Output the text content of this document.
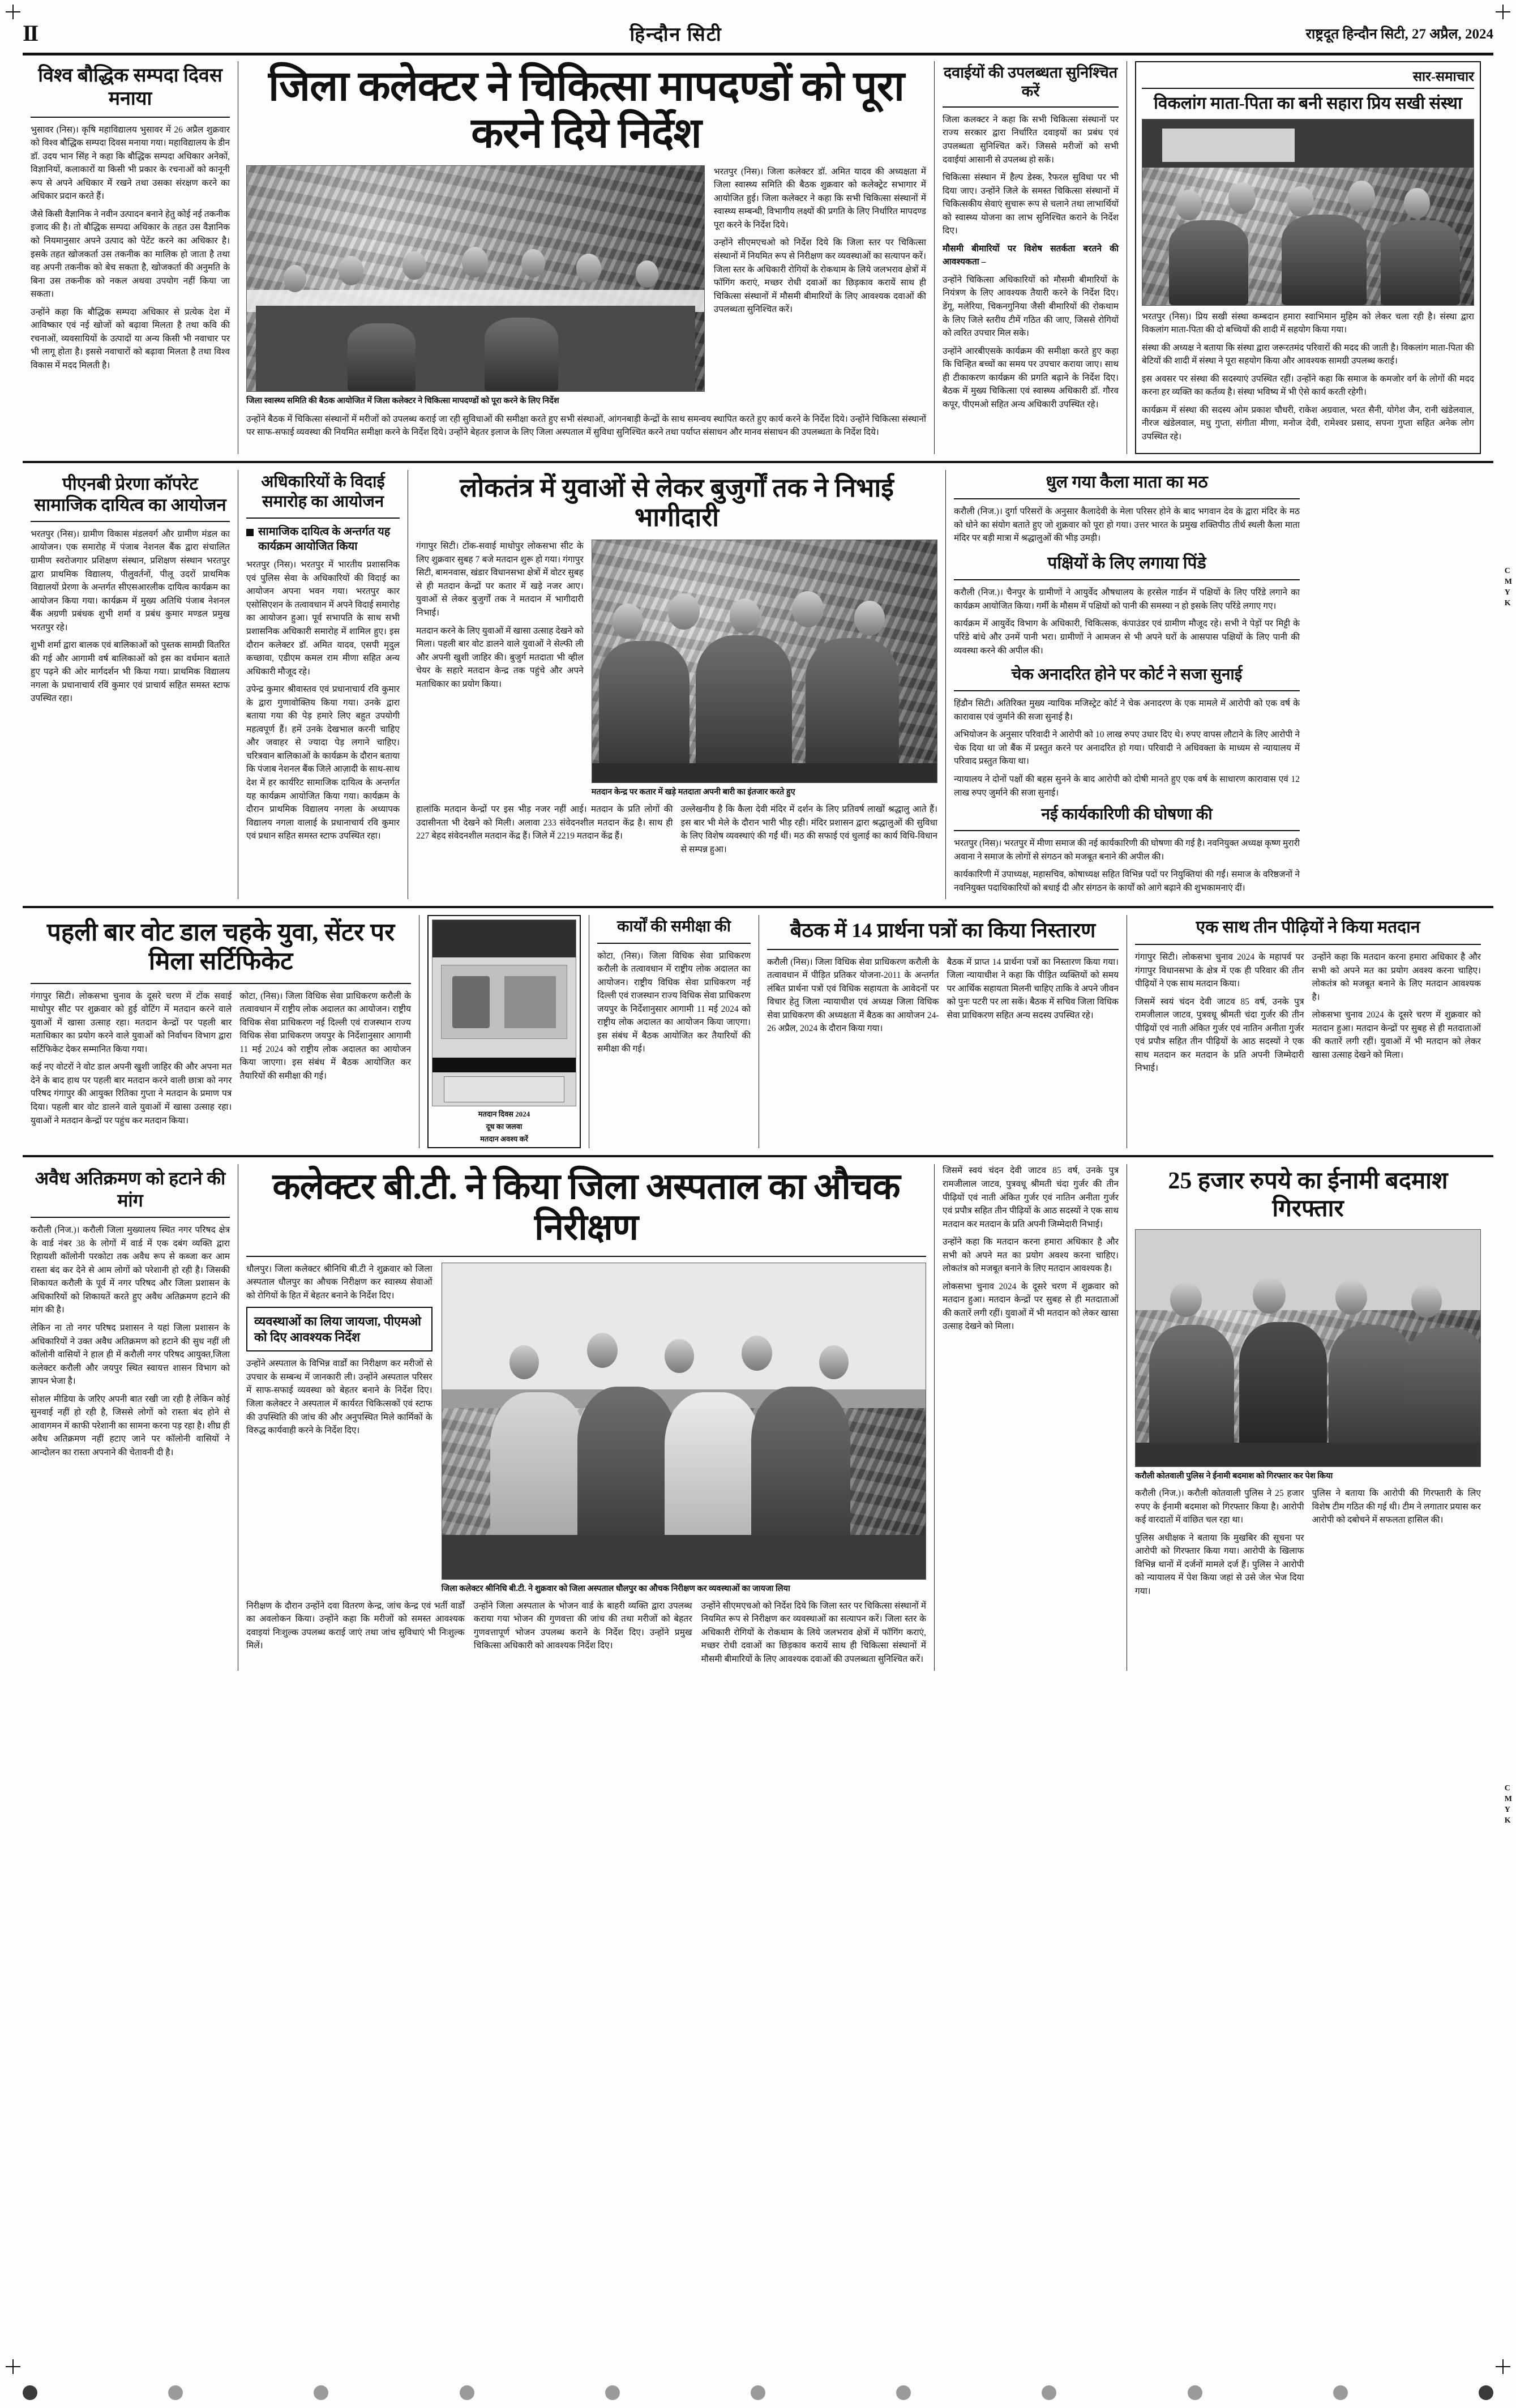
C
M
Y
K
C
M
Y
K
II	हिन्दौन सिटी	राष्ट्रदूत हिन्दौन सिटी, 27 अप्रैल, 2024
विश्व बौद्धिक सम्पदा दिवस मनाया

भुसावर (निस)। कृषि महाविद्यालय भुसावर में 26 अप्रैल शुक्रवार को विश्व बौद्धिक सम्पदा दिवस मनाया गया। महाविद्यालय के डीन डॉ. उदय भान सिंह ने कहा कि बौद्धिक सम्पदा अधिकार अनेकों, विज्ञानियों, कलाकारों या किसी भी प्रकार के रचनाओं को कानूनी रूप से अपने अधिकार में रखने तथा उसका संरक्षण करने का अधिकार प्रदान करते हैं।

जैसे किसी वैज्ञानिक ने नवीन उत्पादन बनाने हेतु कोई नई तकनीक इजाद की है। तो बौद्धिक सम्पदा अधिकार के तहत उस वैज्ञानिक को नियमानुसार अपने उत्पाद को पेटेंट करने का अधिकार है। इसके तहत खोजकर्ता उस तकनीक का मालिक हो जाता है तथा वह अपनी तकनीक को बेच सकता है, खोजकर्ता की अनुमति के बिना उस तकनीक को नकल अथवा उपयोग नहीं किया जा सकता।

उन्होंने कहा कि बौद्धिक सम्पदा अधिकार से प्रत्येक देश में आविष्कार एवं नई खोजों को बढ़ावा मिलता है तथा कवि की रचनाओं, व्यवसायियों के उत्पादों या अन्य किसी भी नवाचार पर भी लागू होता है। इससे नवाचारों को बढ़ावा मिलता है तथा विश्व विकास में मदद मिलती है।

जिला कलेक्टर ने चिकित्सा मापदण्डों को पूरा करने दिये निर्देश
जिला स्वास्थ्य समिति की बैठक आयोजित में जिला कलेक्टर ने चिकित्सा मापदण्डों को पूरा करने के लिए निर्देश

भरतपुर (निस)। जिला कलेक्टर डॉ. अमित यादव की अध्यक्षता में जिला स्वास्थ्य समिति की बैठक शुक्रवार को कलेक्ट्रेट सभागार में आयोजित हुई। जिला कलेक्टर ने कहा कि सभी चिकित्सा संस्थानों में स्वास्थ्य सम्बन्धी, विभागीय लक्ष्यों की प्रगति के लिए निर्धारित मापदण्ड पूरा करने के निर्देश दिये।

उन्होंने सीएमएचओ को निर्देश दिये कि जिला स्तर पर चिकित्सा संस्थानों में नियमित रूप से निरीक्षण कर व्यवस्थाओं का सत्यापन करें। जिला स्तर के अधिकारी रोगियों के रोकथाम के लिये जलभराव क्षेत्रों में फॉगिंग कराएं, मच्छर रोधी दवाओं का छिड़काव करायें साथ ही चिकित्सा संस्थानों में मौसमी बीमारियों के लिए आवश्यक दवाओं की उपलब्धता सुनिश्चित करें।

उन्होंने बैठक में चिकित्सा संस्थानों में मरीजों को उपलब्ध कराई जा रही सुविधाओं की समीक्षा करते हुए सभी संस्थाओं, आंगनबाड़ी केन्द्रों के साथ समन्वय स्थापित करते हुए कार्य करने के निर्देश दिये। उन्होंने चिकित्सा संस्थानों पर साफ-सफाई व्यवस्था की नियमित समीक्षा करने के निर्देश दिये। उन्होंने बेहतर इलाज के लिए जिला अस्पताल में सुविधा सुनिश्चित करने तथा पर्याप्त संसाधन और मानव संसाधन की उपलब्धता के निर्देश दिये।

दवाईयों की उपलब्धता सुनिश्चित करें

जिला कलक्टर ने कहा कि सभी चिकित्सा संस्थानों पर राज्य सरकार द्वारा निर्धारित दवाइयों का प्रबंध एवं उपलब्धता सुनिश्चित करें। जिससे मरीजों को सभी दवाईयां आसानी से उपलब्ध हो सकें।

चिकित्सा संस्थान में हैल्प डेस्क, रैफरल सुविधा पर भी दिया जाए। उन्होंने जिले के समस्त चिकित्सा संस्थानों में चिकित्सकीय सेवाएं सुचारू रूप से चलाने तथा लाभार्थियों को स्वास्थ्य योजना का लाभ सुनिश्चित कराने के निर्देश दिए।

मौसमी बीमारियों पर विशेष सतर्कता बरतने की आवश्यकता –

उन्होंने चिकित्सा अधिकारियों को मौसमी बीमारियों के नियंत्रण के लिए आवश्यक तैयारी करने के निर्देश दिए। डेंगू, मलेरिया, चिकनगुनिया जैसी बीमारियों की रोकथाम के लिए जिले स्तरीय टीमें गठित की जाए, जिससे रोगियों को त्वरित उपचार मिल सके।

उन्होंने आरबीएसके कार्यक्रम की समीक्षा करते हुए कहा कि चिन्हित बच्चों का समय पर उपचार कराया जाए। साथ ही टीकाकरण कार्यक्रम की प्रगति बढ़ाने के निर्देश दिए। बैठक में मुख्य चिकित्सा एवं स्वास्थ्य अधिकारी डॉ. गौरव कपूर, पीएमओ सहित अन्य अधिकारी उपस्थित रहे।

सार-समाचार
विकलांग माता-पिता का बनी सहारा प्रिय सखी संस्था

भरतपुर (निस)। प्रिय सखी संस्था कम्बदान हमारा स्वाभिमान मुहिम को लेकर चला रही है। संस्था द्वारा विकलांग माता-पिता की दो बच्चियों की शादी में सहयोग किया गया।

संस्था की अध्यक्ष ने बताया कि संस्था द्वारा जरूरतमंद परिवारों की मदद की जाती है। विकलांग माता-पिता की बेटियों की शादी में संस्था ने पूरा सहयोग किया और आवश्यक सामग्री उपलब्ध कराई।

इस अवसर पर संस्था की सदस्याएं उपस्थित रहीं। उन्होंने कहा कि समाज के कमजोर वर्ग के लोगों की मदद करना हर व्यक्ति का कर्तव्य है। संस्था भविष्य में भी ऐसे कार्य करती रहेगी।

कार्यक्रम में संस्था की सदस्य ओम प्रकाश चौधरी, राकेश अग्रवाल, भरत सैनी, योगेश जैन, रानी खंडेलवाल, नीरज खंडेलवाल, मधु गुप्ता, संगीता मीणा, मनोज देवी, रामेश्वर प्रसाद, सपना गुप्ता सहित अनेक लोग उपस्थित रहे।

पीएनबी प्रेरणा कॉपरेट सामाजिक दायित्व का आयोजन

भरतपुर (निस)। ग्रामीण विकास मंडलवर्ग और ग्रामीण मंडल का आयोजन। एक समारोह में पंजाब नेशनल बैंक द्वारा संचालित ग्रामीण स्वरोजगार प्रशिक्षण संस्थान, प्रशिक्षण संस्थान भरतपुर द्वारा प्राथमिक विद्यालय, पीलुवर्तनों, पीलू उदरों प्राथमिक विद्यालयों प्रेरणा के अन्तर्गत सीएसआरलीक दायित्व कार्यक्रम का आयोजन किया गया। कार्यक्रम में मुख्य अतिथि पंजाब नेशनल बैंक अग्रणी प्रबंधक शुभी शर्मा व प्रबंध कुमार मण्डल प्रमुख भरतपुर रहे।

शुभी शर्मा द्वारा बालक एवं बालिकाओं को पुस्तक सामग्री वितरित की गई और आगामी वर्ष बालिकाओं को इस का वर्धमान बताते हुए पढ़ने की ओर मार्गदर्शन भी किया गया। प्राथमिक विद्यालय नगला के प्रधानाचार्य रविं कुमार एवं प्राचार्य सहित समस्त स्टाफ उपस्थित रहा।

अधिकारियों के विदाई समारोह का आयोजन
सामाजिक दायित्व के अन्तर्गत यह कार्यक्रम आयोजित किया

भरतपुर (निस)। भरतपुर में भारतीय प्रशासनिक एवं पुलिस सेवा के अधिकारियों की विदाई का आयोजन अपना भवन गया। भरतपुर कार एसोसिएशन के तत्वावधान में अपने विदाई समारोह का आयोजन हुआ। पूर्व सभापति के साथ सभी प्रशासनिक अधिकारी समारोह में शामिल हुए। इस दौरान कलेक्टर डॉ. अमित यादव, एसपी मृदुल कच्छावा, एडीएम कमल राम मीणा सहित अन्य अधिकारी मौजूद रहे।

उपेन्द्र कुमार श्रीवास्तव एवं प्रधानाचार्य रवि कुमार के द्वारा गुणावोक्तिय किया गया। उनके द्वारा बताया गया की पेड़ हमारे लिए बहुत उपयोगी महत्वपूर्ण हैं। हमें उनके देखभाल करनी चाहिए और जवाहर से ज्यादा पेड़ लगाने चाहिए। चरित्रवान बालिकाओं के कार्यक्रम के दौरान बताया कि पंजाब नेशनल बैंक जिले आज़ादी के साथ-साथ देश में हर कार्यरिट सामाजिक दायित्व के अन्तर्गत यह कार्यक्रम आयोजित किया गया। कार्यक्रम के दौरान प्राथमिक विद्यालय नगला के अध्यापक विद्यालय नगला वालाई के प्रधानाचार्य रवि कुमार एवं प्रधान सहित समस्त स्टाफ उपस्थित रहा।

लोकतंत्र में युवाओं से लेकर बुजुर्गों तक ने निभाई भागीदारी

गंगापुर सिटी। टोंक-सवाई माधोपुर लोकसभा सीट के लिए शुक्रवार सुबह 7 बजे मतदान शुरू हो गया। गंगापुर सिटी, बामनवास, खंडार विधानसभा क्षेत्रों में वोटर सुबह से ही मतदान केन्द्रों पर कतार में खड़े नजर आए। युवाओं से लेकर बुजुर्गों तक ने मतदान में भागीदारी निभाई।

मतदान करने के लिए युवाओं में खासा उत्साह देखने को मिला। पहली बार वोट डालने वाले युवाओं ने सेल्फी ली और अपनी खुशी जाहिर की। बुजुर्ग मतदाता भी व्हील चेयर के सहारे मतदान केन्द्र तक पहुंचे और अपने मताधिकार का प्रयोग किया।

मतदान केन्द्र पर कतार में खड़े मतदाता अपनी बारी का इंतजार करते हुए

हालांकि मतदान केन्द्रों पर इस भीड़ नजर नहीं आई। मतदान के प्रति लोगों की उदासीनता भी देखने को मिली। अलावा 233 संवेदनशील मतदान केंद्र है। साथ ही 227 बेहद संवेदनशील मतदान केंद्र हैं। जिले में 2219 मतदान केंद्र हैं।

उल्लेखनीय है कि कैला देवी मंदिर में दर्शन के लिए प्रतिवर्ष लाखों श्रद्धालु आते हैं। इस बार भी मेले के दौरान भारी भीड़ रही। मंदिर प्रशासन द्वारा श्रद्धालुओं की सुविधा के लिए विशेष व्यवस्थाएं की गईं थीं। मठ की सफाई एवं धुलाई का कार्य विधि-विधान से सम्पन्न हुआ।

धुल गया कैला माता का मठ

करौली (निज.)। दुर्गा परिसरों के अनुसार कैलादेवी के मेला परिसर होने के बाद भगवान देव के द्वारा मंदिर के मठ को धोने का संयोग बताते हुए जो शुक्रवार को पूरा हो गया। उत्तर भारत के प्रमुख शक्तिपीठ तीर्थ स्थली कैला माता मंदिर पर बड़ी मात्रा में श्रद्धालुओं की भीड़ उमड़ी।

पक्षियों के लिए लगाया पिंडे

करौली (निज.)। चैनपुर के ग्रामीणों ने आयुर्वेद औषधालय के हरसेल गार्डन में पक्षियों के लिए परिंडे लगाने का कार्यक्रम आयोजित किया। गर्मी के मौसम में पक्षियों को पानी की समस्या न हो इसके लिए परिंडे लगाए गए।

कार्यक्रम में आयुर्वेद विभाग के अधिकारी, चिकित्सक, कंपाउंडर एवं ग्रामीण मौजूद रहे। सभी ने पेड़ों पर मिट्टी के परिंडे बांधे और उनमें पानी भरा। ग्रामीणों ने आमजन से भी अपने घरों के आसपास पक्षियों के लिए पानी की व्यवस्था करने की अपील की।

चेक अनादरित होने पर कोर्ट ने सजा सुनाई

हिंडौन सिटी। अतिरिक्त मुख्य न्यायिक मजिस्ट्रेट कोर्ट ने चेक अनादरण के एक मामले में आरोपी को एक वर्ष के कारावास एवं जुर्माने की सजा सुनाई है।

अभियोजन के अनुसार परिवादी ने आरोपी को 10 लाख रुपए उधार दिए थे। रुपए वापस लौटाने के लिए आरोपी ने चेक दिया था जो बैंक में प्रस्तुत करने पर अनादरित हो गया। परिवादी ने अधिवक्ता के माध्यम से न्यायालय में परिवाद प्रस्तुत किया था।

न्यायालय ने दोनों पक्षों की बहस सुनने के बाद आरोपी को दोषी मानते हुए एक वर्ष के साधारण कारावास एवं 12 लाख रुपए जुर्माने की सजा सुनाई।

नई कार्यकारिणी की घोषणा की

भरतपुर (निस)। भरतपुर में मीणा समाज की नई कार्यकारिणी की घोषणा की गई है। नवनियुक्त अध्यक्ष कृष्ण मुरारी अवाना ने समाज के लोगों से संगठन को मजबूत बनाने की अपील की।

कार्यकारिणी में उपाध्यक्ष, महासचिव, कोषाध्यक्ष सहित विभिन्न पदों पर नियुक्तियां की गईं। समाज के वरिष्ठजनों ने नवनियुक्त पदाधिकारियों को बधाई दी और संगठन के कार्यों को आगे बढ़ाने की शुभकामनाएं दीं।

पहली बार वोट डाल चहके युवा, सेंटर पर मिला सर्टिफिकेट

गंगापुर सिटी। लोकसभा चुनाव के दूसरे चरण में टोंक सवाई माधोपुर सीट पर शुक्रवार को हुई वोटिंग में मतदान करने वाले युवाओं में खासा उत्साह रहा। मतदान केन्द्रों पर पहली बार मताधिकार का प्रयोग करने वाले युवाओं को निर्वाचन विभाग द्वारा सर्टिफिकेट देकर सम्मानित किया गया।

कई नए वोटरों ने वोट डाल अपनी खुशी जाहिर की और अपना मत देने के बाद हाथ पर पहली बार मतदान करने वाली छात्रा को नगर परिषद गंगापुर की आयुक्त रितिका गुप्ता ने मतदान के प्रमाण पत्र दिया। पहली बार वोट डालने वाले युवाओं में खासा उत्साह रहा। युवाओं ने मतदान केन्द्रों पर पहुंच कर मतदान किया।

कोटा, (निस)। जिला विधिक सेवा प्राधिकरण करौली के तत्वावधान में राष्ट्रीय लोक अदालत का आयोजन। राष्ट्रीय विधिक सेवा प्राधिकरण नई दिल्ली एवं राजस्थान राज्य विधिक सेवा प्राधिकरण जयपुर के निर्देशानुसार आगामी 11 मई 2024 को राष्ट्रीय लोक अदालत का आयोजन किया जाएगा। इस संबंध में बैठक आयोजित कर तैयारियों की समीक्षा की गई।

मतदान दिवस 2024
दूध का जलवा
मतदान अवश्य करें
कार्यों की समीक्षा की

कोटा, (निस)। जिला विधिक सेवा प्राधिकरण करौली के तत्वावधान में राष्ट्रीय लोक अदालत का आयोजन। राष्ट्रीय विधिक सेवा प्राधिकरण नई दिल्ली एवं राजस्थान राज्य विधिक सेवा प्राधिकरण जयपुर के निर्देशानुसार आगामी 11 मई 2024 को राष्ट्रीय लोक अदालत का आयोजन किया जाएगा। इस संबंध में बैठक आयोजित कर तैयारियों की समीक्षा की गई।

बैठक में 14 प्रार्थना पत्रों का किया निस्तारण

करौली (निस)। जिला विधिक सेवा प्राधिकरण करौली के तत्वावधान में पीड़ित प्रतिकर योजना-2011 के अन्तर्गत लंबित प्रार्थना पत्रों एवं विधिक सहायता के आवेदनों पर विचार हेतु जिला न्यायाधीश एवं अध्यक्ष जिला विधिक सेवा प्राधिकरण की अध्यक्षता में बैठक का आयोजन 24-26 अप्रैल, 2024 के दौरान किया गया।

बैठक में प्राप्त 14 प्रार्थना पत्रों का निस्तारण किया गया। जिला न्यायाधीश ने कहा कि पीड़ित व्यक्तियों को समय पर आर्थिक सहायता मिलनी चाहिए ताकि वे अपने जीवन को पुनः पटरी पर ला सकें। बैठक में सचिव जिला विधिक सेवा प्राधिकरण सहित अन्य सदस्य उपस्थित रहे।

एक साथ तीन पीढ़ियों ने किया मतदान

गंगापुर सिटी। लोकसभा चुनाव 2024 के महापर्व पर गंगापुर विधानसभा के क्षेत्र में एक ही परिवार की तीन पीढ़ियों ने एक साथ मतदान किया।

जिसमें स्वयं चंदन देवी जाटव 85 वर्ष, उनके पुत्र रामजीलाल जाटव, पुत्रवधू श्रीमती चंदा गुर्जर की तीन पीढ़ियों एवं नाती अंकित गुर्जर एवं नातिन अनीता गुर्जर एवं प्रपौत्र सहित तीन पीढ़ियों के आठ सदस्यों ने एक साथ मतदान कर मतदान के प्रति अपनी जिम्मेदारी निभाई।

उन्होंने कहा कि मतदान करना हमारा अधिकार है और सभी को अपने मत का प्रयोग अवश्य करना चाहिए। लोकतंत्र को मजबूत बनाने के लिए मतदान आवश्यक है।

लोकसभा चुनाव 2024 के दूसरे चरण में शुक्रवार को मतदान हुआ। मतदान केन्द्रों पर सुबह से ही मतदाताओं की कतारें लगी रहीं। युवाओं में भी मतदान को लेकर खासा उत्साह देखने को मिला।

अवैध अतिक्रमण को हटाने की मांग

करौली (निज.)। करौली जिला मुख्यालय स्थित नगर परिषद क्षेत्र के वार्ड नंबर 38 के लोगों में वार्ड में एक दबंग व्यक्ति द्वारा रिहायशी कॉलोनी परकोटा तक अवैध रूप से कब्जा कर आम रास्ता बंद कर देने से आम लोगों को परेशानी हो रही है। जिसकी शिकायत करौली के पूर्व में नगर परिषद और जिला प्रशासन के अधिकारियों को शिकायतें करते हुए अवैध अतिक्रमण हटाने की मांग की है।

लेकिन ना तो नगर परिषद प्रशासन ने यहां जिला प्रशासन के अधिकारियों ने उक्त अवैध अतिक्रमण को हटाने की सुध नहीं ली कॉलोनी वासियों ने हाल ही में करौली नगर परिषद आयुक्त,जिला कलेक्टर करौली और जयपुर स्थित स्वायत्त शासन विभाग को ज्ञापन भेजा है।

सोशल मीडिया के जरिए अपनी बात रखी जा रही है लेकिन कोई सुनवाई नहीं हो रही है, जिससे लोगों को रास्ता बंद होने से आवागमन में काफी परेशानी का सामना करना पड़ रहा है। शीघ्र ही अवैध अतिक्रमण नहीं हटाए जाने पर कॉलोनी वासियों ने आन्दोलन का रास्ता अपनाने की चेतावनी दी है।

कलेक्टर बी.टी. ने किया जिला अस्पताल का औचक निरीक्षण

धौलपुर। जिला कलेक्टर श्रीनिधि बी.टी ने शुक्रवार को जिला अस्पताल धौलपुर का औचक निरीक्षण कर स्वास्थ्य सेवाओं को रोगियों के हित में बेहतर बनाने के निर्देश दिए।

व्यवस्थाओं का लिया जायजा, पीएमओ को दिए आवश्यक निर्देश

उन्होंने अस्पताल के विभिन्न वार्डों का निरीक्षण कर मरीजों से उपचार के सम्बन्ध में जानकारी ली। उन्होंने अस्पताल परिसर में साफ-सफाई व्यवस्था को बेहतर बनाने के निर्देश दिए। जिला कलेक्टर ने अस्पताल में कार्यरत चिकित्सकों एवं स्टाफ की उपस्थिति की जांच की और अनुपस्थित मिले कार्मिकों के विरुद्ध कार्यवाही करने के निर्देश दिए।

जिला कलेक्टर श्रीनिधि बी.टी. ने शुक्रवार को जिला अस्पताल धौलपुर का औचक निरीक्षण कर व्यवस्थाओं का जायजा लिया

निरीक्षण के दौरान उन्होंने दवा वितरण केन्द्र, जांच केन्द्र एवं भर्ती वार्डों का अवलोकन किया। उन्होंने कहा कि मरीजों को समस्त आवश्यक दवाइयां निःशुल्क उपलब्ध कराई जाएं तथा जांच सुविधाएं भी निःशुल्क मिलें।

उन्होंने जिला अस्पताल के भोजन वार्ड के बाहरी व्यक्ति द्वारा उपलब्ध कराया गया भोजन की गुणवत्ता की जांच की तथा मरीजों को बेहतर गुणवत्तापूर्ण भोजन उपलब्ध कराने के निर्देश दिए। उन्होंने प्रमुख चिकित्सा अधिकारी को आवश्यक निर्देश दिए।

उन्होंने सीएमएचओ को निर्देश दिये कि जिला स्तर पर चिकित्सा संस्थानों में नियमित रूप से निरीक्षण कर व्यवस्थाओं का सत्यापन करें। जिला स्तर के अधिकारी रोगियों के रोकथाम के लिये जलभराव क्षेत्रों में फॉगिंग कराएं, मच्छर रोधी दवाओं का छिड़काव करायें साथ ही चिकित्सा संस्थानों में मौसमी बीमारियों के लिए आवश्यक दवाओं की उपलब्धता सुनिश्चित करें।

जिसमें स्वयं चंदन देवी जाटव 85 वर्ष, उनके पुत्र रामजीलाल जाटव, पुत्रवधू श्रीमती चंदा गुर्जर की तीन पीढ़ियों एवं नाती अंकित गुर्जर एवं नातिन अनीता गुर्जर एवं प्रपौत्र सहित तीन पीढ़ियों के आठ सदस्यों ने एक साथ मतदान कर मतदान के प्रति अपनी जिम्मेदारी निभाई।

उन्होंने कहा कि मतदान करना हमारा अधिकार है और सभी को अपने मत का प्रयोग अवश्य करना चाहिए। लोकतंत्र को मजबूत बनाने के लिए मतदान आवश्यक है।

लोकसभा चुनाव 2024 के दूसरे चरण में शुक्रवार को मतदान हुआ। मतदान केन्द्रों पर सुबह से ही मतदाताओं की कतारें लगी रहीं। युवाओं में भी मतदान को लेकर खासा उत्साह देखने को मिला।

25 हजार रुपये का ईनामी बदमाश गिरफ्तार
करौली कोतवाली पुलिस ने ईनामी बदमाश को गिरफ्तार कर पेश किया

करौली (निज.)। करौली कोतवाली पुलिस ने 25 हजार रुपए के ईनामी बदमाश को गिरफ्तार किया है। आरोपी कई वारदातों में वांछित चल रहा था।

पुलिस अधीक्षक ने बताया कि मुखबिर की सूचना पर आरोपी को गिरफ्तार किया गया। आरोपी के खिलाफ विभिन्न थानों में दर्जनों मामले दर्ज हैं। पुलिस ने आरोपी को न्यायालय में पेश किया जहां से उसे जेल भेज दिया गया।

पुलिस ने बताया कि आरोपी की गिरफ्तारी के लिए विशेष टीम गठित की गई थी। टीम ने लगातार प्रयास कर आरोपी को दबोचने में सफलता हासिल की।
